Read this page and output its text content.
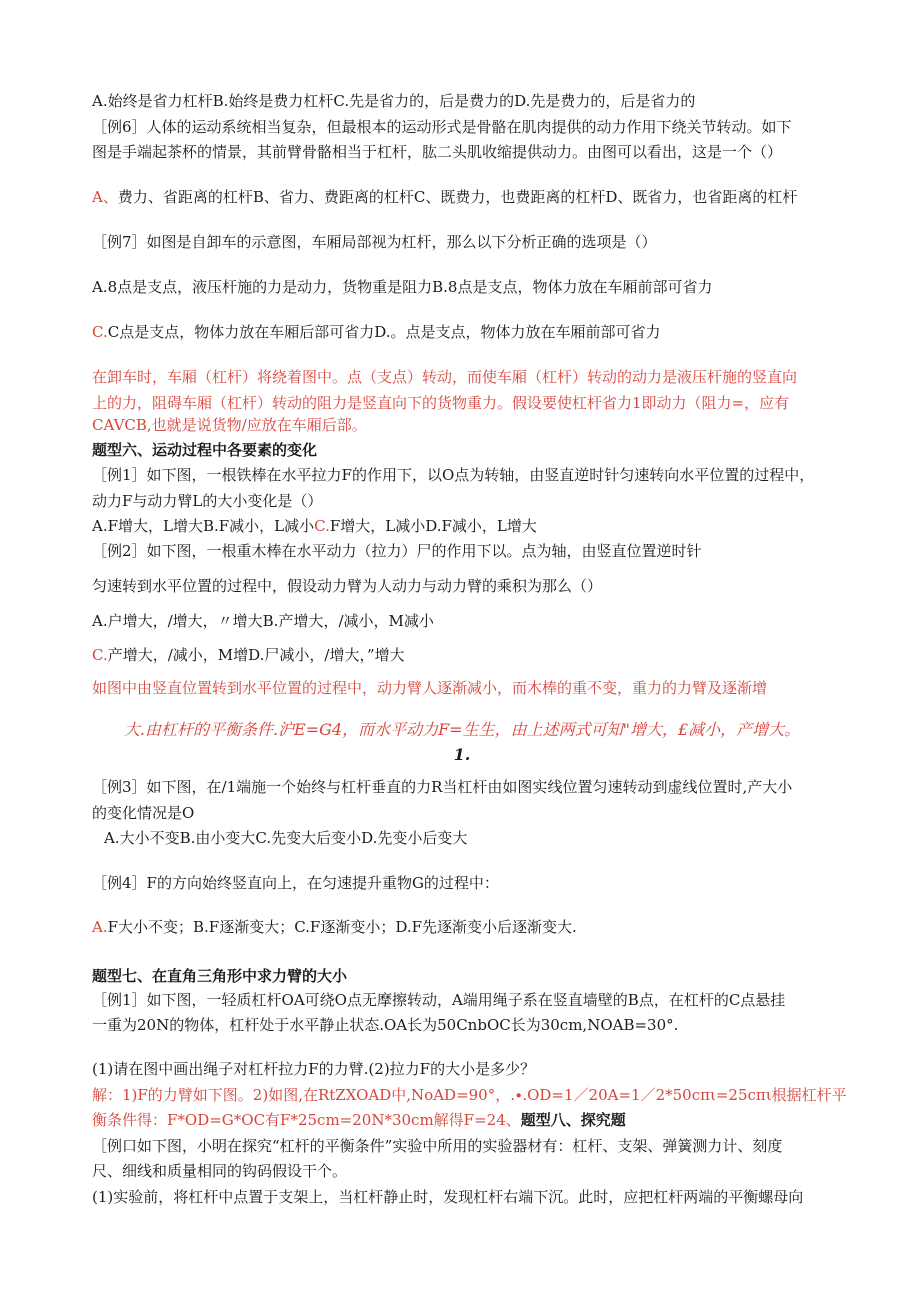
A.始终是省力杠杆B.始终是费力杠杆C.先是省力的，后是费力的D.先是费力的，后是省力的
［例6］人体的运动系统相当复杂，但最根本的运动形式是骨骼在肌肉提供的动力作用下绕关节转动。如下
图是手端起茶杯的情景，其前臂骨骼相当于杠杆，肱二头肌收缩提供动力。由图可以看出，这是一个（）
A、费力、省距离的杠杆B、省力、费距离的杠杆C、既费力，也费距离的杠杆D、既省力，也省距离的杠杆
［例7］如图是自卸车的示意图，车厢局部视为杠杆，那么以下分析正确的选项是（）
A.8点是支点，液压杆施的力是动力，货物重是阻力B.8点是支点，物体力放在车厢前部可省力
C.C点是支点，物体力放在车厢后部可省力D.。点是支点，物体力放在车厢前部可省力
在卸车时，车厢（杠杆）将绕着图中。点（支点）转动，而使车厢（杠杆）转动的动力是液压杆施的竖直向
上的力，阻碍车厢（杠杆）转动的阻力是竖直向下的货物重力。假设要使杠杆省力1即动力（阻力=，应有
CAVCB,也就是说货物/应放在车厢后部。
题型六、运动过程中各要素的变化
［例1］如下图，一根铁棒在水平拉力F的作用下，以O点为转轴，由竖直逆时针匀速转向水平位置的过程中，
动力F与动力臂L的大小变化是（）
A.F增大，L增大B.F减小，L减小C.F增大，L减小D.F减小，L增大
［例2］如下图，一根重木棒在水平动力（拉力）尸的作用下以。点为轴，由竖直位置逆时针
匀速转到水平位置的过程中，假设动力臂为人动力与动力臂的乘积为那么（）
A.户增大，/增大，〃增大B.产增大，/减小，M减小
C.产增大，/减小，M增D.尸减小，/增大，”增大
如图中由竖直位置转到水平位置的过程中，动力臂人逐渐减小，而木棒的重不变，重力的力臂及逐渐增
大.由杠杆的平衡条件.沪E=G4，而水平动力F=生生，由上述两式可知"增大，£减小，产增大。
1.
［例3］如下图，在/1端施一个始终与杠杆垂直的力R当杠杆由如图实线位置匀速转动到虚线位置时,产大小
的变化情况是O
A.大小不变B.由小变大C.先变大后变小D.先变小后变大
［例4］F的方向始终竖直向上，在匀速提升重物G的过程中：
A.F大小不变；B.F逐渐变大；C.F逐渐变小；D.F先逐渐变小后逐渐变大.
题型七、在直角三角形中求力臂的大小
［例1］如下图，一轻质杠杆OA可绕O点无摩擦转动，A端用绳子系在竖直墙壁的B点，在杠杆的C点悬挂
一重为20N的物体，杠杆处于水平静止状态.OA长为50CnbOC长为30cm,NOAB=30°.
(1)请在图中画出绳子对杠杆拉力F的力臂.(2)拉力F的大小是多少？
解：1)F的力臂如下图。2)如图,在RtZXOAD中,NoAD=90°，.∙.OD=1／20A=1／2*50cπι=25cπι根据杠杆平
衡条件得：F*OD=G*OC有F*25cm=20N*30cm解得F=24、题型八、探究题
［例口如下图，小明在探究“杠杆的平衡条件”实验中所用的实验器材有：杠杆、支架、弹簧测力计、刻度
尺、细线和质量相同的钩码假设干个。
(1)实验前，将杠杆中点置于支架上，当杠杆静止时，发现杠杆右端下沉。此时，应把杠杆两端的平衡螺母向
